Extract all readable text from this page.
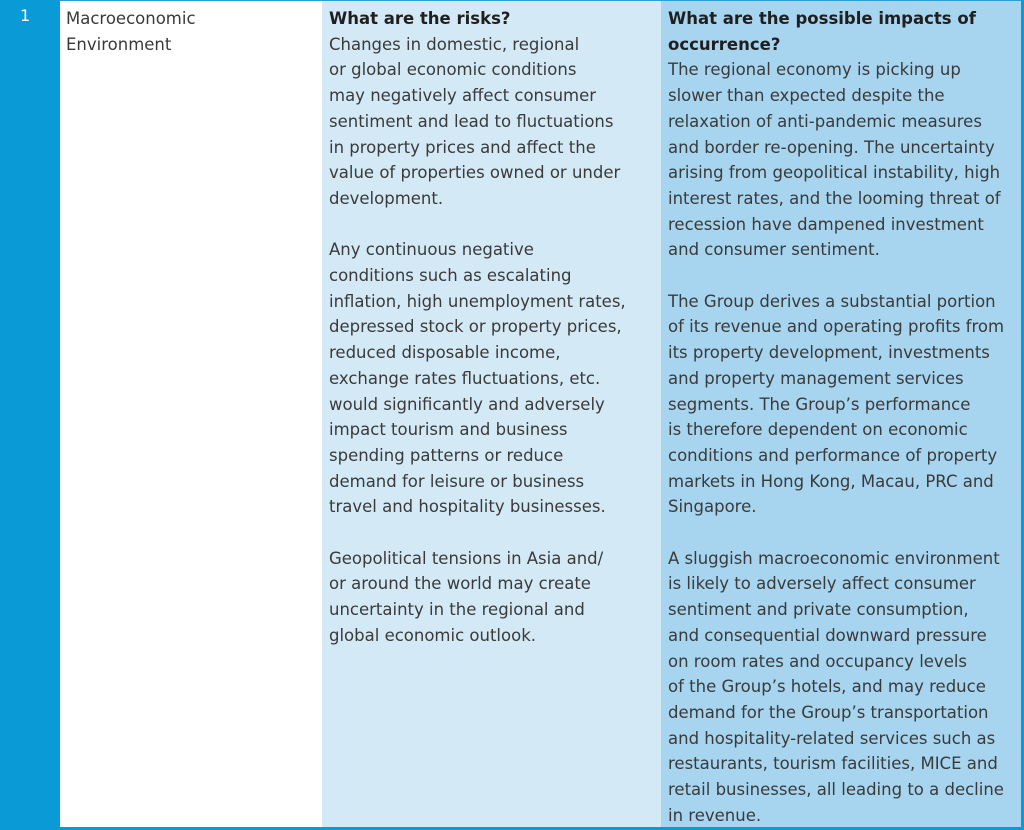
1	Macroeconomic
Environment
What are the risks?

Changes in domestic, regional
or global economic conditions
may negatively affect consumer
sentiment and lead to fluctuations
in property prices and affect the
value of properties owned or under
development.

Any continuous negative
conditions such as escalating
inflation, high unemployment rates,
depressed stock or property prices,
reduced disposable income,
exchange rates fluctuations, etc.
would significantly and adversely
impact tourism and business
spending patterns or reduce
demand for leisure or business
travel and hospitality businesses.

Geopolitical tensions in Asia and/
or around the world may create
uncertainty in the regional and
global economic outlook.

What are the possible impacts of
occurrence?

The regional economy is picking up
slower than expected despite the
relaxation of anti-pandemic measures
and border re-opening. The uncertainty
arising from geopolitical instability, high
interest rates, and the looming threat of
recession have dampened investment
and consumer sentiment.

The Group derives a substantial portion
of its revenue and operating profits from
its property development, investments
and property management services
segments. The Group’s performance
is therefore dependent on economic
conditions and performance of property
markets in Hong Kong, Macau, PRC and
Singapore.

A sluggish macroeconomic environment
is likely to adversely affect consumer
sentiment and private consumption,
and consequential downward pressure
on room rates and occupancy levels
of the Group’s hotels, and may reduce
demand for the Group’s transportation
and hospitality-related services such as
restaurants, tourism facilities, MICE and
retail businesses, all leading to a decline
in revenue.
